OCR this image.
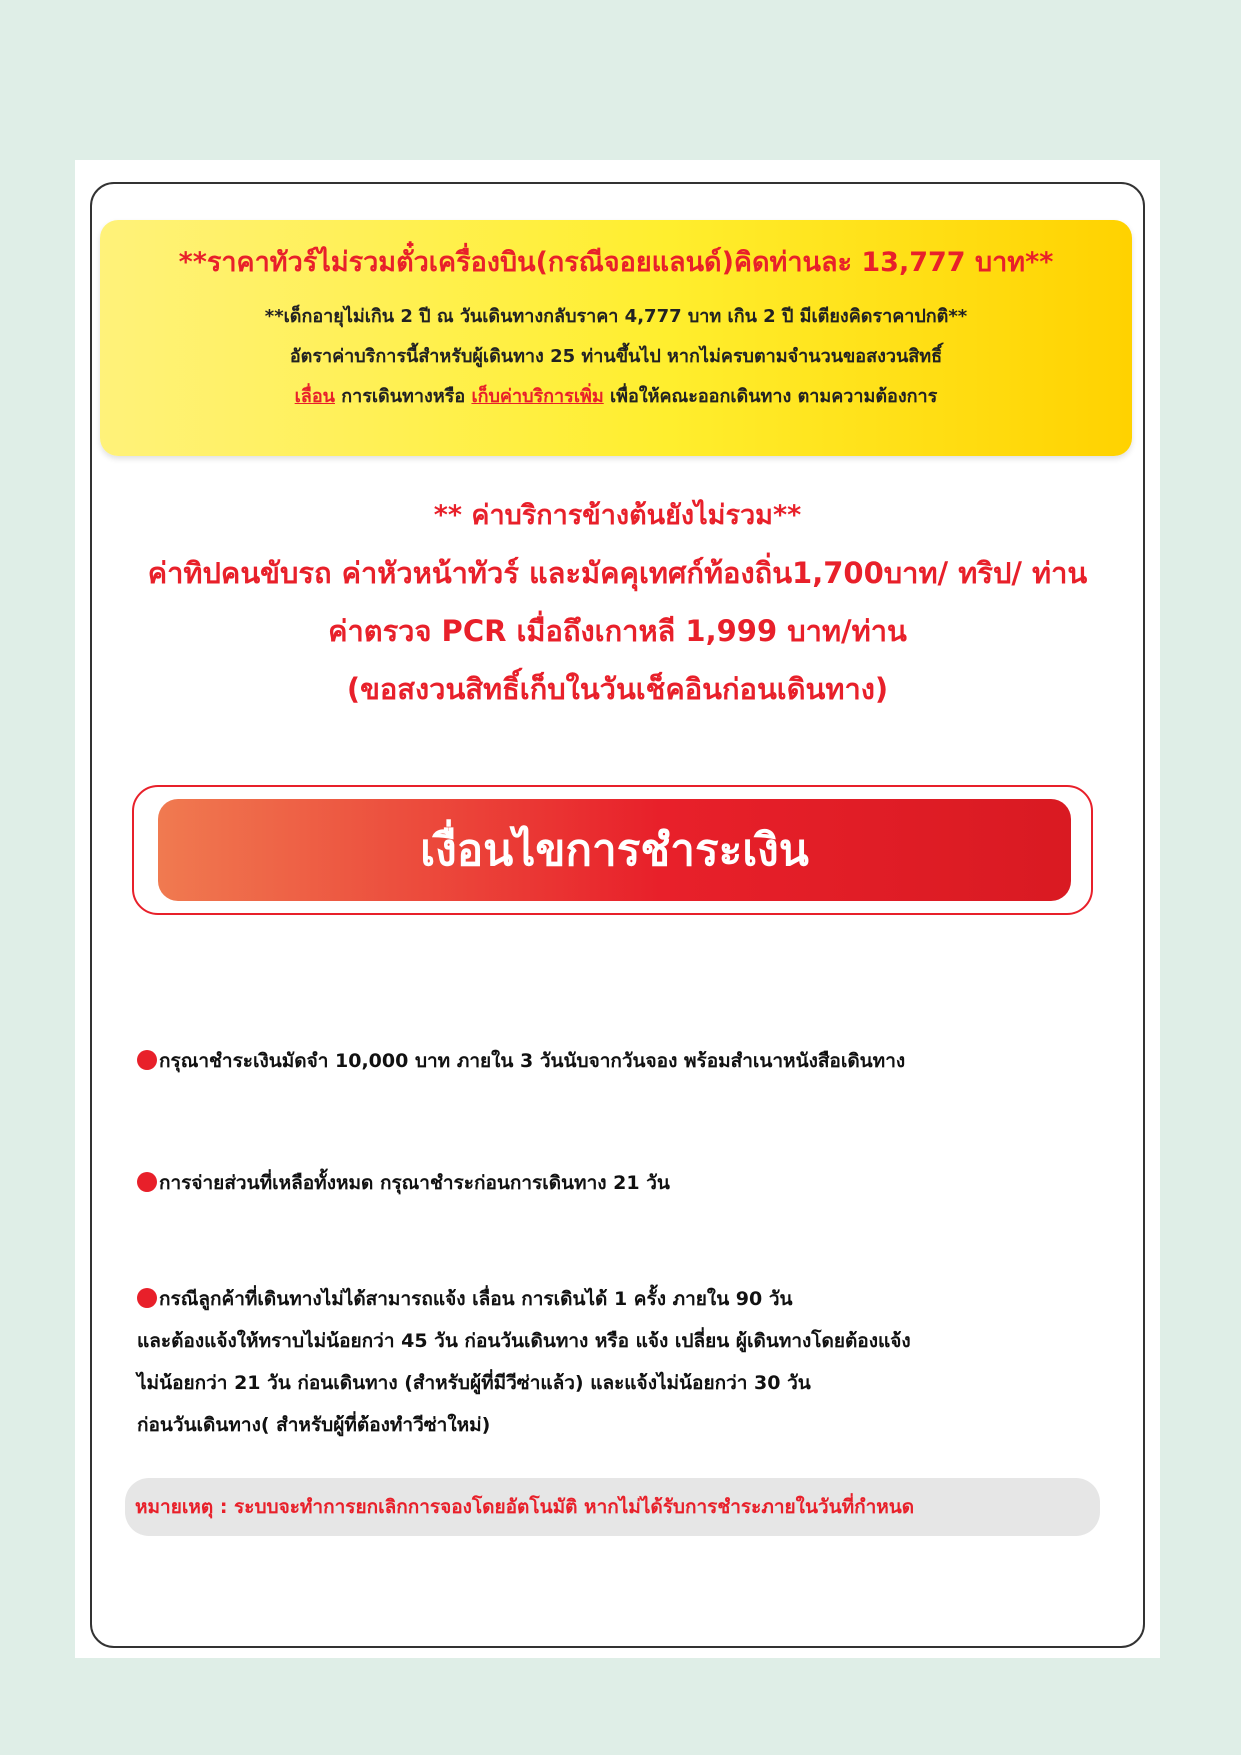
**ราคาทัวร์ไม่รวมตั๋วเครื่องบิน(กรณีจอยแลนด์)คิดท่านละ 13,777 บาท**
**เด็กอายุไม่เกิน 2 ปี ณ วันเดินทางกลับราคา 4,777 บาท เกิน 2 ปี มีเตียงคิดราคาปกติ**
อัตราค่าบริการนี้สำหรับผู้เดินทาง 25 ท่านขึ้นไป หากไม่ครบตามจำนวนขอสงวนสิทธิ์
เลื่อน การเดินทางหรือ เก็บค่าบริการเพิ่ม เพื่อให้คณะออกเดินทาง ตามความต้องการ
** ค่าบริการข้างต้นยังไม่รวม**
ค่าทิปคนขับรถ ค่าหัวหน้าทัวร์ และมัคคุเทศก์ท้องถิ่น1,700บาท/ ทริป/ ท่าน
ค่าตรวจ PCR เมื่อถึงเกาหลี 1,999 บาท/ท่าน
(ขอสงวนสิทธิ์เก็บในวันเช็คอินก่อนเดินทาง)
เงื่อนไขการชำระเงิน
กรุณาชำระเงินมัดจำ 10,000 บาท ภายใน 3 วันนับจากวันจอง พร้อมสำเนาหนังสือเดินทาง
การจ่ายส่วนที่เหลือทั้งหมด กรุณาชำระก่อนการเดินทาง 21 วัน
กรณีลูกค้าที่เดินทางไม่ได้สามารถแจ้ง เลื่อน การเดินได้ 1 ครั้ง ภายใน 90 วัน
และต้องแจ้งให้ทราบไม่น้อยกว่า 45 วัน ก่อนวันเดินทาง หรือ แจ้ง เปลี่ยน ผู้เดินทางโดยต้องแจ้ง
ไม่น้อยกว่า 21 วัน ก่อนเดินทาง (สำหรับผู้ที่มีวีซ่าแล้ว) และแจ้งไม่น้อยกว่า 30 วัน
ก่อนวันเดินทาง( สำหรับผู้ที่ต้องทำวีซ่าใหม่)
หมายเหตุ : ระบบจะทำการยกเลิกการจองโดยอัตโนมัติ หากไม่ได้รับการชำระภายในวันที่กำหนด
